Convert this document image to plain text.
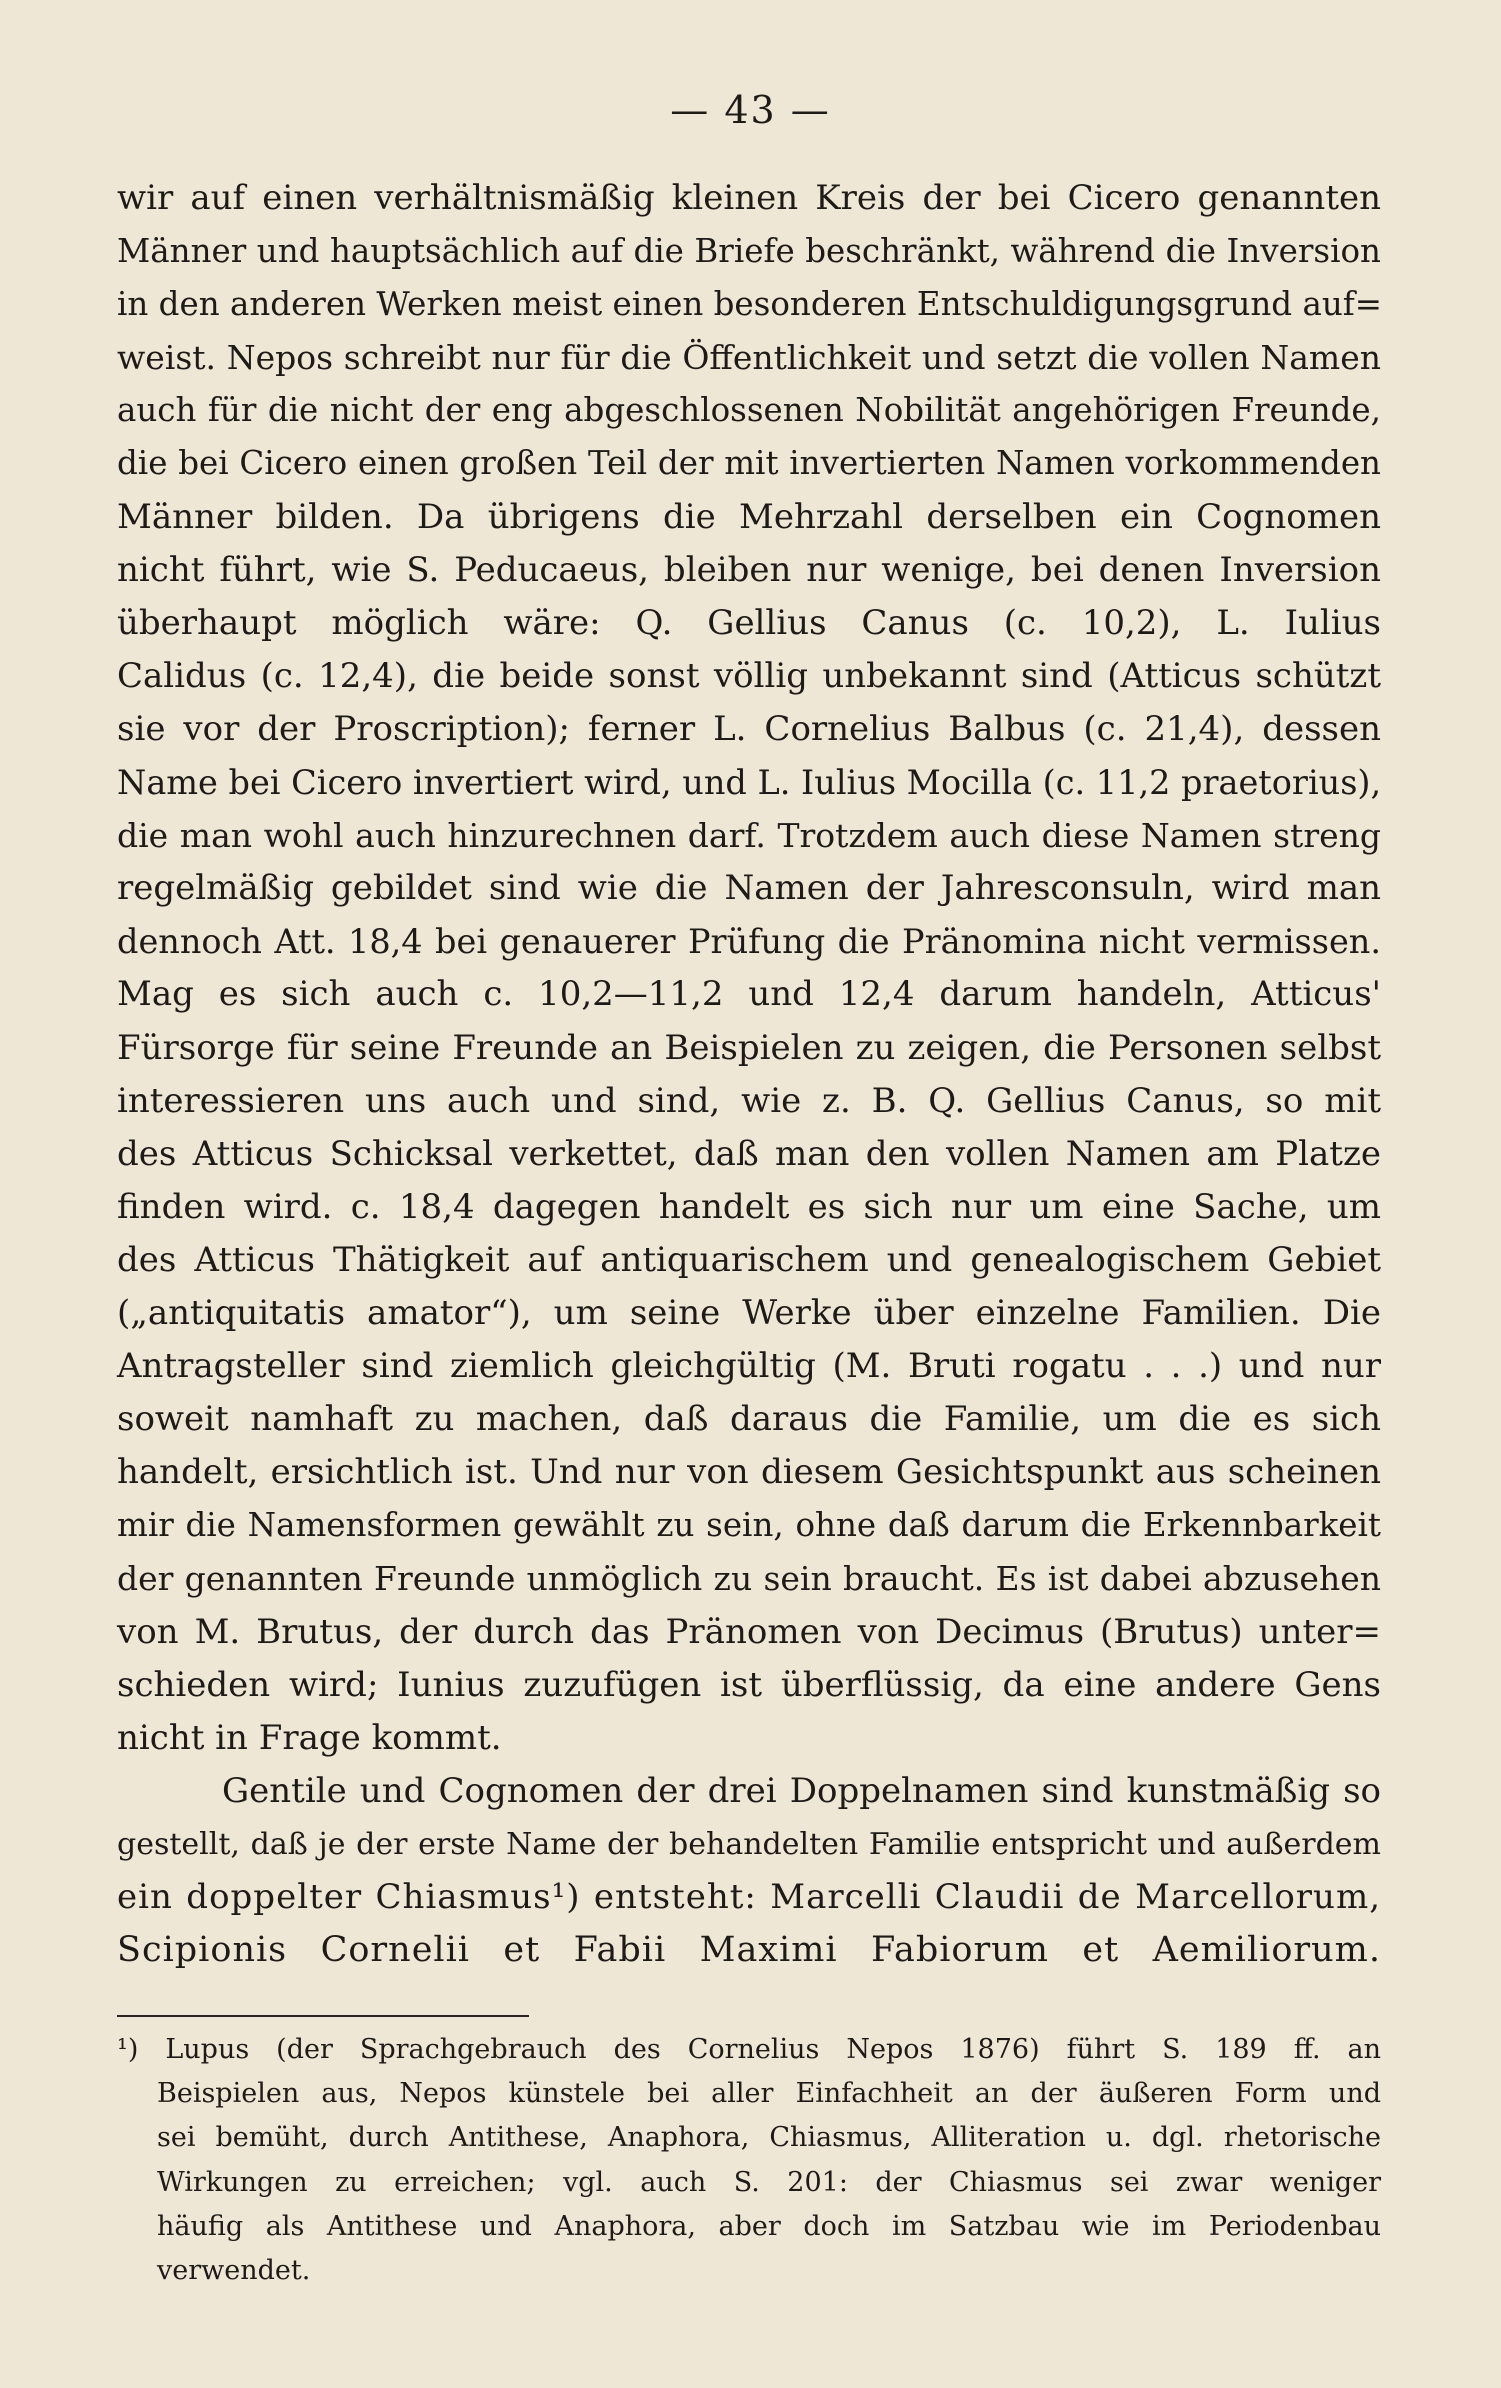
— 43 —
wir auf einen verhältnismäßig kleinen Kreis der bei Cicero genannten
Männer und hauptsächlich auf die Briefe beschränkt, während die Inversion
in den anderen Werken meist einen besonderen Entschuldigungsgrund auf=
weist. Nepos schreibt nur für die Öffentlichkeit und setzt die vollen Namen
auch für die nicht der eng abgeschlossenen Nobilität angehörigen Freunde,
die bei Cicero einen großen Teil der mit invertierten Namen vorkommenden
Männer bilden. Da übrigens die Mehrzahl derselben ein Cognomen
nicht führt, wie S. Peducaeus, bleiben nur wenige, bei denen Inversion
überhaupt möglich wäre: Q. Gellius Canus (c. 10,2), L. Iulius
Calidus (c. 12,4), die beide sonst völlig unbekannt sind (Atticus schützt
sie vor der Proscription); ferner L. Cornelius Balbus (c. 21,4), dessen
Name bei Cicero invertiert wird, und L. Iulius Mocilla (c. 11,2 praetorius),
die man wohl auch hinzurechnen darf. Trotzdem auch diese Namen streng
regelmäßig gebildet sind wie die Namen der Jahresconsuln, wird man
dennoch Att. 18,4 bei genauerer Prüfung die Pränomina nicht vermissen.
Mag es sich auch c. 10,2—11,2 und 12,4 darum handeln, Atticus'
Fürsorge für seine Freunde an Beispielen zu zeigen, die Personen selbst
interessieren uns auch und sind, wie z. B. Q. Gellius Canus, so mit
des Atticus Schicksal verkettet, daß man den vollen Namen am Platze
finden wird. c. 18,4 dagegen handelt es sich nur um eine Sache, um
des Atticus Thätigkeit auf antiquarischem und genealogischem Gebiet
(„antiquitatis amator“), um seine Werke über einzelne Familien. Die
Antragsteller sind ziemlich gleichgültig (M. Bruti rogatu . . .) und nur
soweit namhaft zu machen, daß daraus die Familie, um die es sich
handelt, ersichtlich ist. Und nur von diesem Gesichtspunkt aus scheinen
mir die Namensformen gewählt zu sein, ohne daß darum die Erkennbarkeit
der genannten Freunde unmöglich zu sein braucht. Es ist dabei abzusehen
von M. Brutus, der durch das Pränomen von Decimus (Brutus) unter=
schieden wird; Iunius zuzufügen ist überflüssig, da eine andere Gens
nicht in Frage kommt.
Gentile und Cognomen der drei Doppelnamen sind kunstmäßig so
gestellt, daß je der erste Name der behandelten Familie entspricht und außerdem
ein doppelter Chiasmus¹) entsteht: Marcelli Claudii de Marcellorum,
Scipionis Cornelii et Fabii Maximi Fabiorum et Aemiliorum.
¹) Lupus (der Sprachgebrauch des Cornelius Nepos 1876) führt S. 189 ff. an
Beispielen aus, Nepos künstele bei aller Einfachheit an der äußeren Form und
sei bemüht, durch Antithese, Anaphora, Chiasmus, Alliteration u. dgl. rhetorische
Wirkungen zu erreichen; vgl. auch S. 201: der Chiasmus sei zwar weniger
häufig als Antithese und Anaphora, aber doch im Satzbau wie im Periodenbau
verwendet.
